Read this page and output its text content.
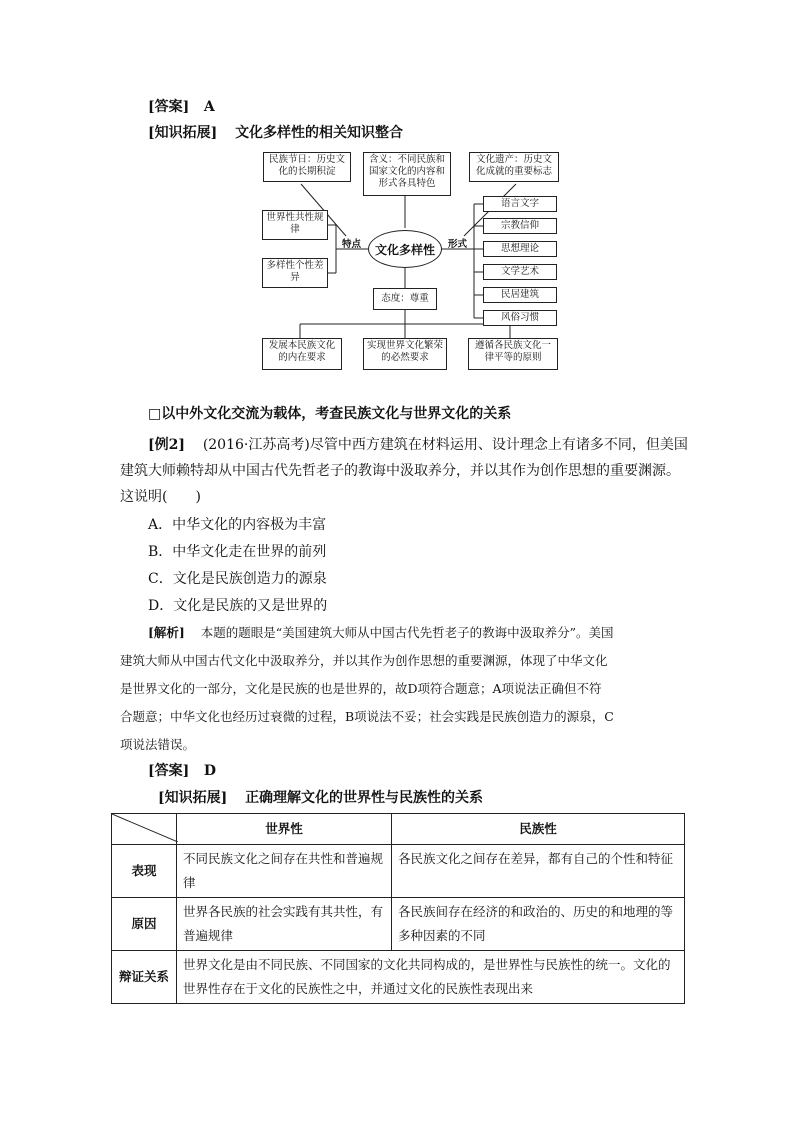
[答案] A
[知识拓展] 文化多样性的相关知识整合
民族节日：历史文化的长期积淀
含义：不同民族和国家文化的内容和形式各具特色
文化遗产：历史文化成就的重要标志
文化多样性
特点	形式
世界性共性规律
多样性个性差异
语言文字
宗教信仰
思想理论
文学艺术
民居建筑
风俗习惯
态度：尊重
发展本民族文化的内在要求
实现世界文化繁荣的必然要求
遵循各民族文化一律平等的原则
□以中外文化交流为载体，考查民族文化与世界文化的关系
[例2] (2016·江苏高考)尽管中西方建筑在材料运用、设计理念上有诸多不同，但美国
建筑大师赖特却从中国古代先哲老子的教诲中汲取养分，并以其作为创作思想的重要渊源。
这说明(　　)
A．中华文化的内容极为丰富
B．中华文化走在世界的前列
C．文化是民族创造力的源泉
D．文化是民族的又是世界的
[解析] 本题的题眼是“美国建筑大师从中国古代先哲老子的教诲中汲取养分”。美国
建筑大师从中国古代文化中汲取养分，并以其作为创作思想的重要渊源，体现了中华文化
是世界文化的一部分，文化是民族的也是世界的，故D项符合题意；A项说法正确但不符
合题意；中华文化也经历过衰微的过程，B项说法不妥；社会实践是民族创造力的源泉，C
项说法错误。
[答案] D
[知识拓展] 正确理解文化的世界性与民族性的关系
	世界性	民族性
表现	不同民族文化之间存在共性和普遍规律	各民族文化之间存在差异，都有自己的个性和特征
原因	世界各民族的社会实践有其共性，有普遍规律	各民族间存在经济的和政治的、历史的和地理的等多种因素的不同
辩证关系	世界文化是由不同民族、不同国家的文化共同构成的，是世界性与民族性的统一。文化的世界性存在于文化的民族性之中，并通过文化的民族性表现出来	
